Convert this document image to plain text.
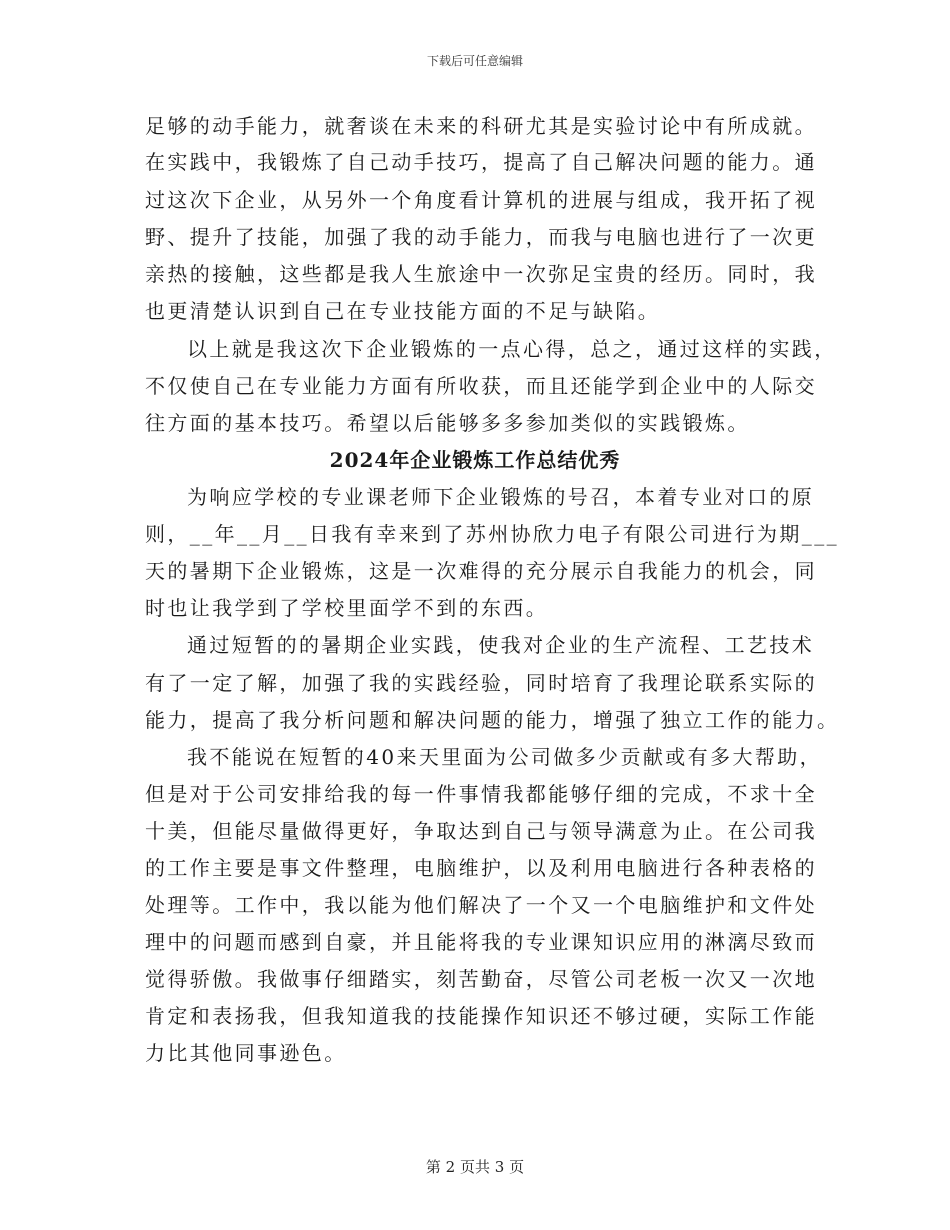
下载后可任意编辑
足够的动手能力，就奢谈在未来的科研尤其是实验讨论中有所成就。
在实践中，我锻炼了自己动手技巧，提高了自己解决问题的能力。通
过这次下企业，从另外一个角度看计算机的进展与组成，我开拓了视
野、提升了技能，加强了我的动手能力，而我与电脑也进行了一次更
亲热的接触，这些都是我人生旅途中一次弥足宝贵的经历。同时，我
也更清楚认识到自己在专业技能方面的不足与缺陷。
以上就是我这次下企业锻炼的一点心得，总之，通过这样的实践，
不仅使自己在专业能力方面有所收获，而且还能学到企业中的人际交
往方面的基本技巧。希望以后能够多多参加类似的实践锻炼。
2024年企业锻炼工作总结优秀
为响应学校的专业课老师下企业锻炼的号召，本着专业对口的原
则，__年__月__日我有幸来到了苏州协欣力电子有限公司进行为期___
天的暑期下企业锻炼，这是一次难得的充分展示自我能力的机会，同
时也让我学到了学校里面学不到的东西。
通过短暂的的暑期企业实践，使我对企业的生产流程、工艺技术
有了一定了解，加强了我的实践经验，同时培育了我理论联系实际的
能力，提高了我分析问题和解决问题的能力，增强了独立工作的能力。
我不能说在短暂的40来天里面为公司做多少贡献或有多大帮助，
但是对于公司安排给我的每一件事情我都能够仔细的完成，不求十全
十美，但能尽量做得更好，争取达到自己与领导满意为止。在公司我
的工作主要是事文件整理，电脑维护，以及利用电脑进行各种表格的
处理等。工作中，我以能为他们解决了一个又一个电脑维护和文件处
理中的问题而感到自豪，并且能将我的专业课知识应用的淋漓尽致而
觉得骄傲。我做事仔细踏实，刻苦勤奋，尽管公司老板一次又一次地
肯定和表扬我，但我知道我的技能操作知识还不够过硬，实际工作能
力比其他同事逊色。
第 2 页共 3 页
